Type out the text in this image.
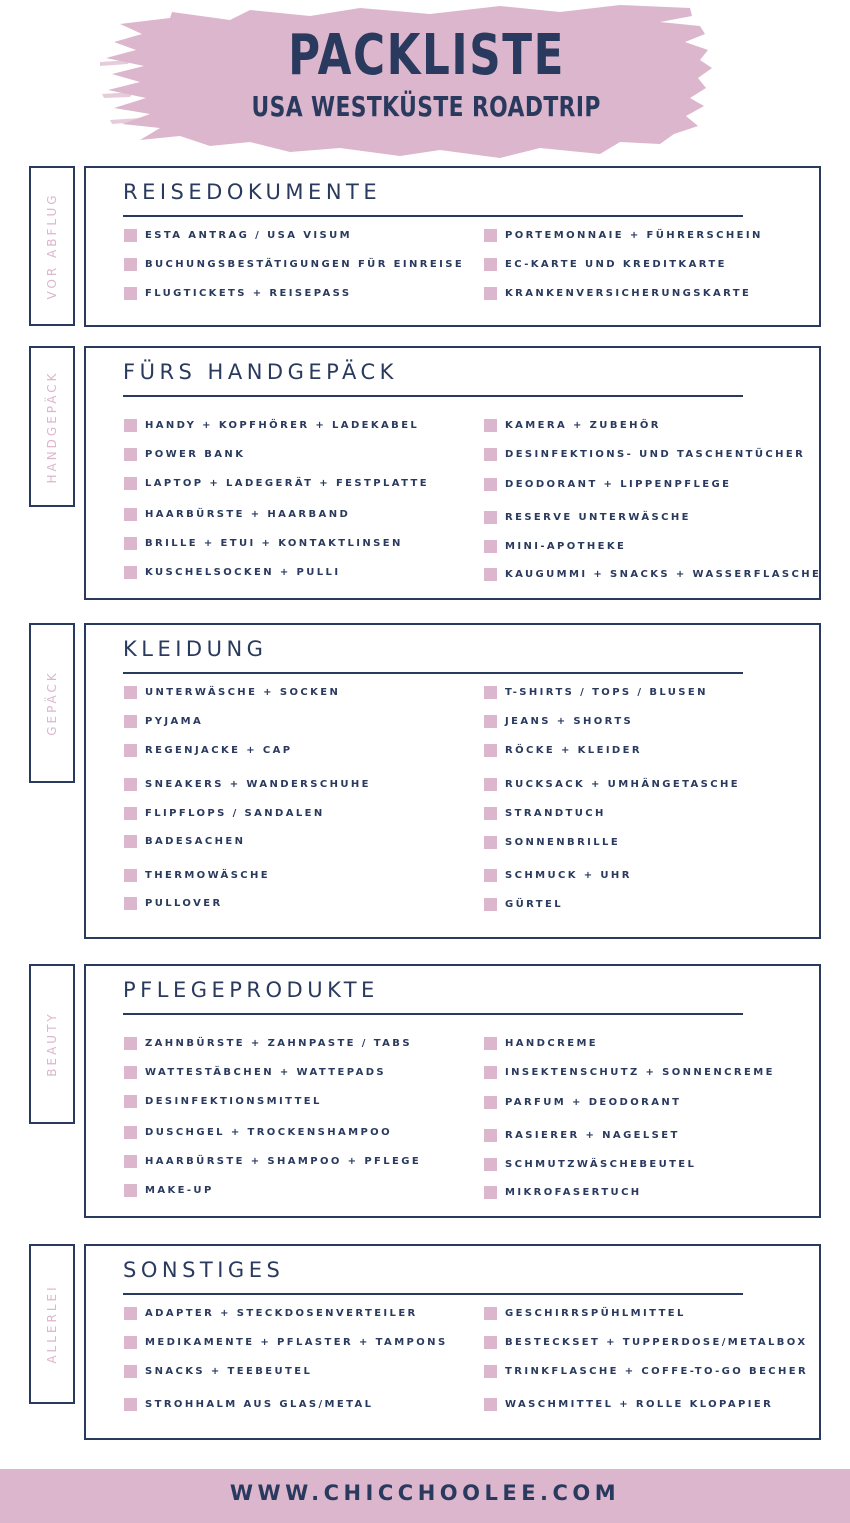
PACKLISTE
USA WESTKÜSTE ROADTRIP
VOR ABFLUG
REISEDOKUMENTE
ESTA ANTRAG / USA VISUM
BUCHUNGSBESTÄTIGUNGEN FÜR EINREISE
FLUGTICKETS + REISEPASS
PORTEMONNAIE + FÜHRERSCHEIN
EC-KARTE UND KREDITKARTE
KRANKENVERSICHERUNGSKARTE
HANDGEPÄCK	FÜRS HANDGEPÄCK
HANDY + KOPFHÖRER + LADEKABEL
POWER BANK
LAPTOP + LADEGERÄT + FESTPLATTE
HAARBÜRSTE + HAARBAND
BRILLE + ETUI + KONTAKTLINSEN
KUSCHELSOCKEN + PULLI
KAMERA + ZUBEHÖR
DESINFEKTIONS- UND TASCHENTÜCHER
DEODORANT + LIPPENPFLEGE
RESERVE UNTERWÄSCHE
MINI-APOTHEKE
KAUGUMMI + SNACKS + WASSERFLASCHE
GEPÄCK
KLEIDUNG
UNTERWÄSCHE + SOCKEN
PYJAMA
REGENJACKE + CAP
SNEAKERS + WANDERSCHUHE
FLIPFLOPS / SANDALEN
BADESACHEN
THERMOWÄSCHE
PULLOVER
T-SHIRTS / TOPS / BLUSEN
JEANS + SHORTS
RÖCKE + KLEIDER
RUCKSACK + UMHÄNGETASCHE
STRANDTUCH
SONNENBRILLE
SCHMUCK + UHR
GÜRTEL
BEAUTY
PFLEGEPRODUKTE
ZAHNBÜRSTE + ZAHNPASTE / TABS
WATTESTÄBCHEN + WATTEPADS
DESINFEKTIONSMITTEL
DUSCHGEL + TROCKENSHAMPOO
HAARBÜRSTE + SHAMPOO + PFLEGE
MAKE-UP
HANDCREME
INSEKTENSCHUTZ + SONNENCREME
PARFUM + DEODORANT
RASIERER + NAGELSET
SCHMUTZWÄSCHEBEUTEL
MIKROFASERTUCH
ALLERLEI
SONSTIGES
ADAPTER + STECKDOSENVERTEILER
MEDIKAMENTE + PFLASTER + TAMPONS
SNACKS + TEEBEUTEL
STROHHALM AUS GLAS/METAL
GESCHIRRSPÜHLMITTEL
BESTECKSET + TUPPERDOSE/METALBOX
TRINKFLASCHE + COFFE-TO-GO BECHER
WASCHMITTEL + ROLLE KLOPAPIER
WWW.CHICCHOOLEE.COM
